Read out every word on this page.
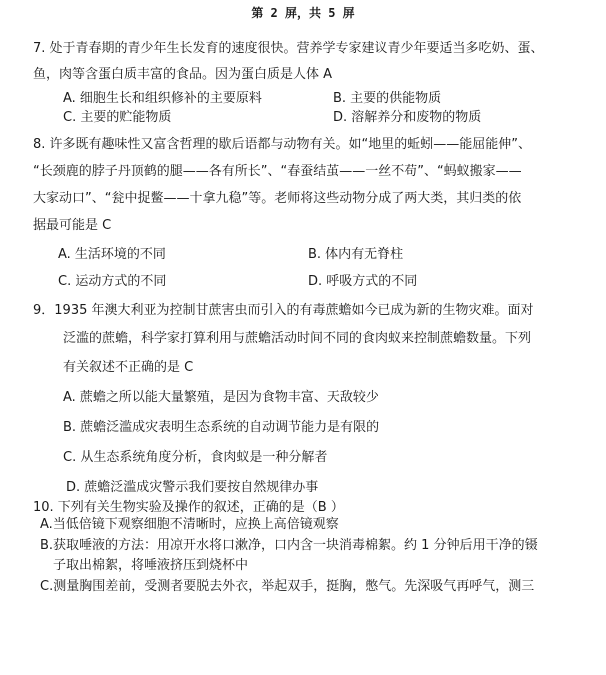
第 2 屏，共 5 屏
7. 处于青春期的青少年生长发育的速度很快。营养学专家建议青少年要适当多吃奶、蛋、
鱼，肉等含蛋白质丰富的食品。因为蛋白质是人体 A
A. 细胞生长和组织修补的主要原料	B. 主要的供能物质
C. 主要的贮能物质	D. 溶解养分和废物的物质
8. 许多既有趣味性又富含哲理的歇后语都与动物有关。如“地里的蚯蚓——能屈能伸”、
“长颈鹿的脖子丹顶鹤的腿——各有所长”、“春蚕结茧——一丝不苟”、“蚂蚁搬家——
大家动口”、“瓮中捉鳖——十拿九稳”等。老师将这些动物分成了两大类，其归类的依
据最可能是 C
A. 生活环境的不同	B. 体内有无脊柱
C. 运动方式的不同	D. 呼吸方式的不同
9．1935 年澳大利亚为控制甘蔗害虫而引入的有毒蔗蟾如今已成为新的生物灾难。面对
泛滥的蔗蟾，科学家打算利用与蔗蟾活动时间不同的食肉蚁来控制蔗蟾数量。下列
有关叙述不正确的是 C
A. 蔗蟾之所以能大量繁殖，是因为食物丰富、天敌较少
B. 蔗蟾泛滥成灾表明生态系统的自动调节能力是有限的
C. 从生态系统角度分析，食肉蚁是一种分解者
D. 蔗蟾泛滥成灾警示我们要按自然规律办事
10. 下列有关生物实验及操作的叙述，正确的是（B ）
A.当低倍镜下观察细胞不清晰时，应换上高倍镜观察
B.获取唾液的方法：用凉开水将口漱净，口内含一块消毒棉絮。约 1 分钟后用干净的镊
子取出棉絮，将唾液挤压到烧杯中
C.测量胸围差前，受测者要脱去外衣，举起双手，挺胸，憋气。先深吸气再呼气，测三
